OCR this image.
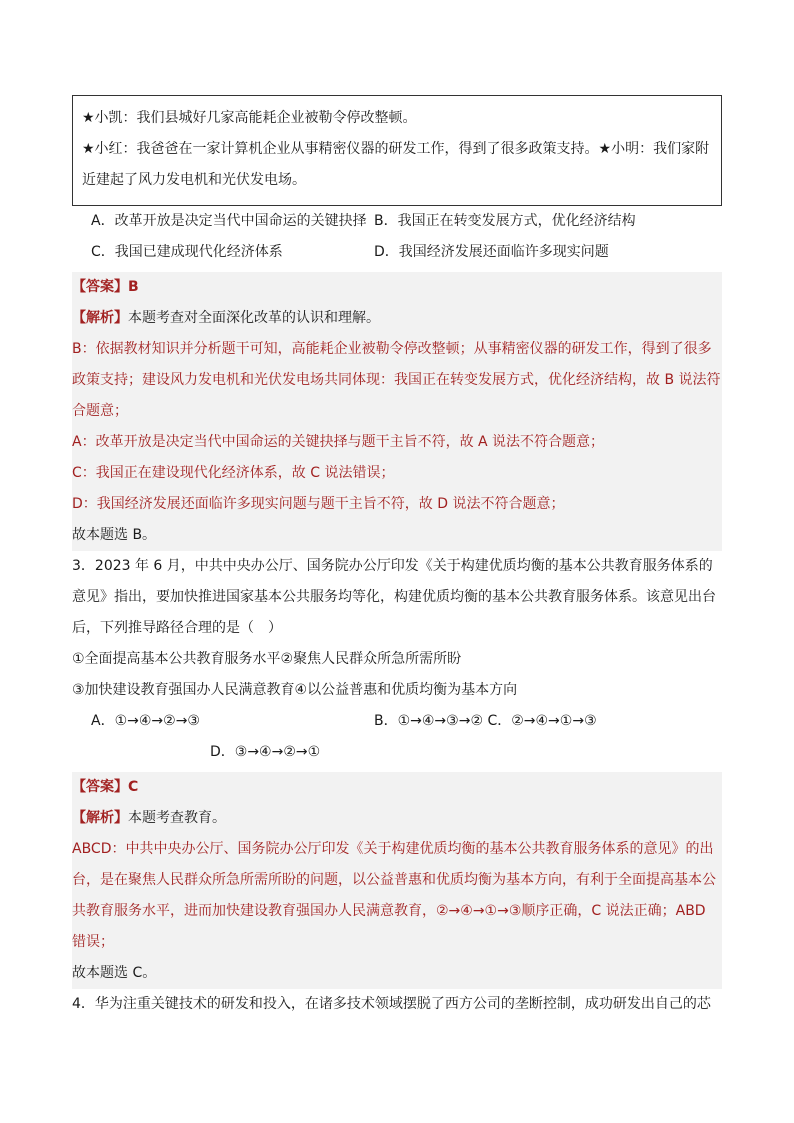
★小凯：我们县城好几家高能耗企业被勒令停改整顿。
★小红：我爸爸在一家计算机企业从事精密仪器的研发工作，得到了很多政策支持。★小明：我们家附近建起了风力发电机和光伏发电场。
A．改革开放是决定当代中国命运的关键抉择 B．我国正在转变发展方式，优化经济结构
C．我国已建成现代化经济体系	D．我国经济发展还面临许多现实问题
【答案】B
【解析】本题考查对全面深化改革的认识和理解。
B：依据教材知识并分析题干可知，高能耗企业被勒令停改整顿；从事精密仪器的研发工作，得到了很多政策支持；建设风力发电机和光伏发电场共同体现：我国正在转变发展方式，优化经济结构，故 B 说法符合题意；
A：改革开放是决定当代中国命运的关键抉择与题干主旨不符，故 A 说法不符合题意；
C：我国正在建设现代化经济体系，故 C 说法错误；
D：我国经济发展还面临许多现实问题与题干主旨不符，故 D 说法不符合题意；
故本题选 B。
3．2023 年 6 月，中共中央办公厅、国务院办公厅印发《关于构建优质均衡的基本公共教育服务体系的意见》指出，要加快推进国家基本公共服务均等化，构建优质均衡的基本公共教育服务体系。该意见出台后，下列推导路径合理的是（　）
①全面提高基本公共教育服务水平②聚焦人民群众所急所需所盼
③加快建设教育强国办人民满意教育④以公益普惠和优质均衡为基本方向
A．①→④→②→③	B．①→④→③→② C．②→④→①→③
D．③→④→②→①
【答案】C
【解析】本题考查教育。
ABCD：中共中央办公厅、国务院办公厅印发《关于构建优质均衡的基本公共教育服务体系的意见》的出台，是在聚焦人民群众所急所需所盼的问题，以公益普惠和优质均衡为基本方向，有利于全面提高基本公共教育服务水平，进而加快建设教育强国办人民满意教育，②→④→①→③顺序正确，C 说法正确；ABD 错误；
故本题选 C。
4．华为注重关键技术的研发和投入，在诸多技术领域摆脱了西方公司的垄断控制，成功研发出自己的芯
